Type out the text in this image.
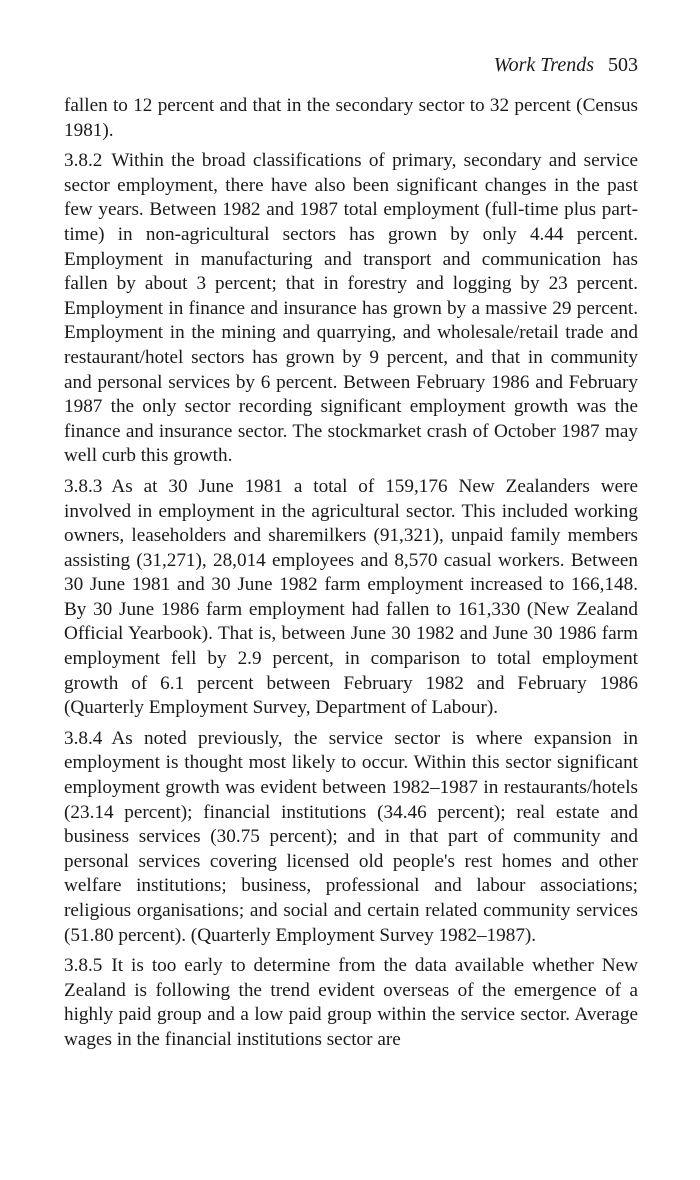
Work Trends 503

fallen to 12 percent and that in the secondary sector to 32 percent (Census 1981).

3.8.2 Within the broad classifications of primary, secondary and service sector employment, there have also been significant changes in the past few years. Between 1982 and 1987 total employment (full-time plus part-time) in non-agricultural sectors has grown by only 4.44 percent. Employment in manufacturing and transport and communication has fallen by about 3 percent; that in forestry and logging by 23 percent. Employment in finance and insurance has grown by a massive 29 percent. Employment in the mining and quarrying, and wholesale/retail trade and restaurant/hotel sectors has grown by 9 percent, and that in community and personal services by 6 percent. Between February 1986 and February 1987 the only sector recording significant employment growth was the finance and insurance sector. The stockmarket crash of October 1987 may well curb this growth.

3.8.3 As at 30 June 1981 a total of 159,176 New Zealanders were involved in employment in the agricultural sector. This included working owners, leaseholders and sharemilkers (91,321), unpaid family members assisting (31,271), 28,014 employees and 8,570 casual workers. Between 30 June 1981 and 30 June 1982 farm employment increased to 166,148. By 30 June 1986 farm employment had fallen to 161,330 (New Zealand Official Yearbook). That is, between June 30 1982 and June 30 1986 farm employment fell by 2.9 percent, in comparison to total employment growth of 6.1 percent between February 1982 and February 1986 (Quarterly Employment Survey, Department of Labour).

3.8.4 As noted previously, the service sector is where expansion in employment is thought most likely to occur. Within this sector significant employment growth was evident between 1982–1987 in restaurants/hotels (23.14 percent); financial institutions (34.46 percent); real estate and business services (30.75 percent); and in that part of community and personal services covering licensed old people's rest homes and other welfare institutions; business, professional and labour associations; religious organisations; and social and certain related community services (51.80 percent). (Quarterly Employment Survey 1982–1987).

3.8.5 It is too early to determine from the data available whether New Zealand is following the trend evident overseas of the emergence of a highly paid group and a low paid group within the service sector. Average wages in the financial institutions sector are
